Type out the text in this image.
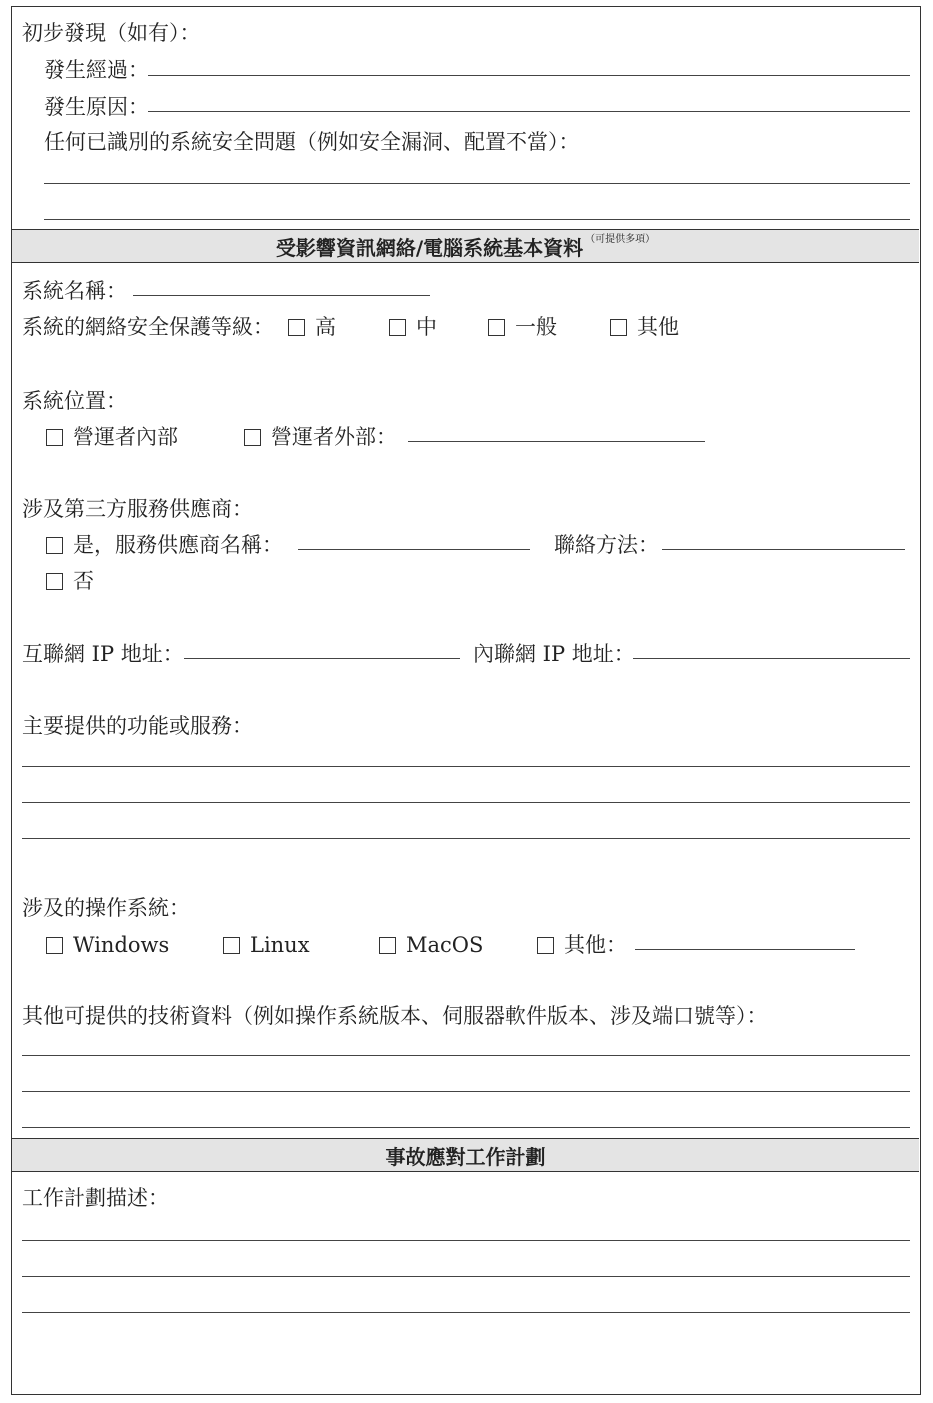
初步發現（如有）：
發生經過：
發生原因：
任何已識別的系統安全問題（例如安全漏洞、配置不當）：
受影響資訊網絡/電腦系統基本資料$^{(可提供多項)}$
系統名稱：
系統的網絡安全保護等級：	高	中	一般	其他
系統位置：
營運者內部	營運者外部：
涉及第三方服務供應商：
是，服務供應商名稱：	聯絡方法：
否
互聯網 IP 地址：	內聯網 IP 地址：
主要提供的功能或服務：
涉及的操作系統：
Windows	Linux	MacOS	其他：
其他可提供的技術資料（例如操作系統版本、伺服器軟件版本、涉及端口號等）：
事故應對工作計劃
工作計劃描述：
